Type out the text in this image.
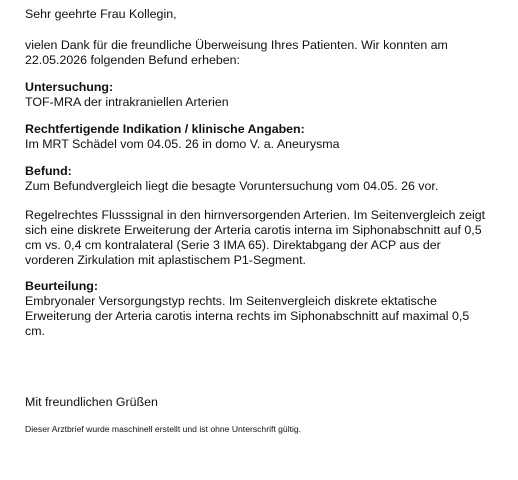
Sehr geehrte Frau Kollegin,
vielen Dank für die freundliche Überweisung Ihres Patienten. Wir konnten am
22.05.2026 folgenden Befund erheben:
Untersuchung:
TOF-MRA der intrakraniellen Arterien
Rechtfertigende Indikation / klinische Angaben:
Im MRT Schädel vom 04.05. 26 in domo V. a. Aneurysma
Befund:
Zum Befundvergleich liegt die besagte Voruntersuchung vom 04.05. 26 vor.
Regelrechtes Flusssignal in den hirnversorgenden Arterien. Im Seitenvergleich zeigt
sich eine diskrete Erweiterung der Arteria carotis interna im Siphonabschnitt auf 0,5
cm vs. 0,4 cm kontralateral (Serie 3 IMA 65). Direktabgang der ACP aus der
vorderen Zirkulation mit aplastischem P1-Segment.
Beurteilung:
Embryonaler Versorgungstyp rechts. Im Seitenvergleich diskrete ektatische
Erweiterung der Arteria carotis interna rechts im Siphonabschnitt auf maximal 0,5
cm.
Mit freundlichen Grüßen
Dieser Arztbrief wurde maschinell erstellt und ist ohne Unterschrift gültig.
